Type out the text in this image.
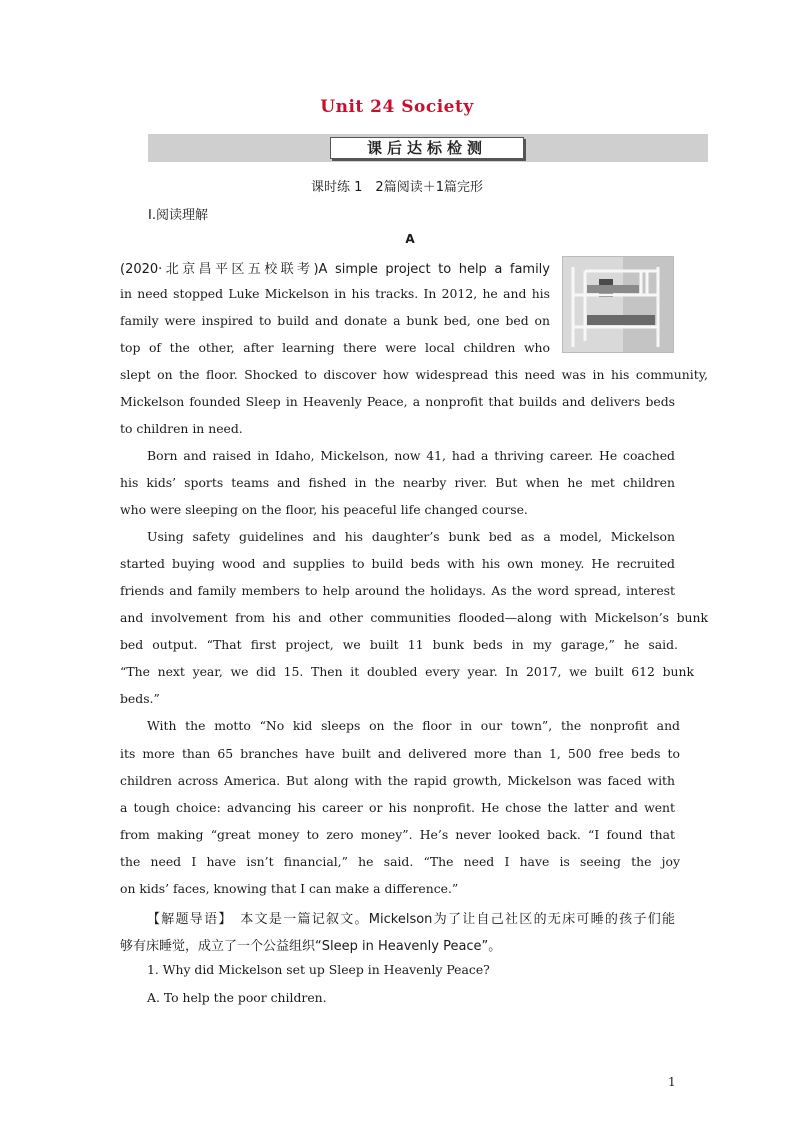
Unit 24 Society
课后达标检测
课时练 1　2篇阅读＋1篇完形
Ⅰ.阅读理解
A
(2020·北京昌平区五校联考)A simple project to help a family
in need stopped Luke Mickelson in his tracks. In 2012, he and his
family were inspired to build and donate a bunk bed, one bed on
top of the other, after learning there were local children who
slept on the floor. Shocked to discover how widespread this need was in his community,
Mickelson founded Sleep in Heavenly Peace, a nonprofit that builds and delivers beds
to children in need.
Born and raised in Idaho, Mickelson, now 41, had a thriving career. He coached
his kids’ sports teams and fished in the nearby river. But when he met children
who were sleeping on the floor, his peaceful life changed course.
Using safety guidelines and his daughter’s bunk bed as a model, Mickelson
started buying wood and supplies to build beds with his own money. He recruited
friends and family members to help around the holidays. As the word spread, interest
and involvement from his and other communities flooded—along with Mickelson’s bunk
bed output. “That first project, we built 11 bunk beds in my garage,” he said.
“The next year, we did 15. Then it doubled every year. In 2017, we built 612 bunk
beds.”
With the motto “No kid sleeps on the floor in our town”, the nonprofit and
its more than 65 branches have built and delivered more than 1, 500 free beds to
children across America. But along with the rapid growth, Mickelson was faced with
a tough choice: advancing his career or his nonprofit. He chose the latter and went
from making “great money to zero money”. He’s never looked back. “I found that
the need I have isn’t financial,” he said. “The need I have is seeing the joy
on kids’ faces, knowing that I can make a difference.”
【解题导语】　本文是一篇记叙文。Mickelson为了让自己社区的无床可睡的孩子们能
够有床睡觉，成立了一个公益组织“Sleep in Heavenly Peace”。
1. Why did Mickelson set up Sleep in Heavenly Peace?
A. To help the poor children.
1
